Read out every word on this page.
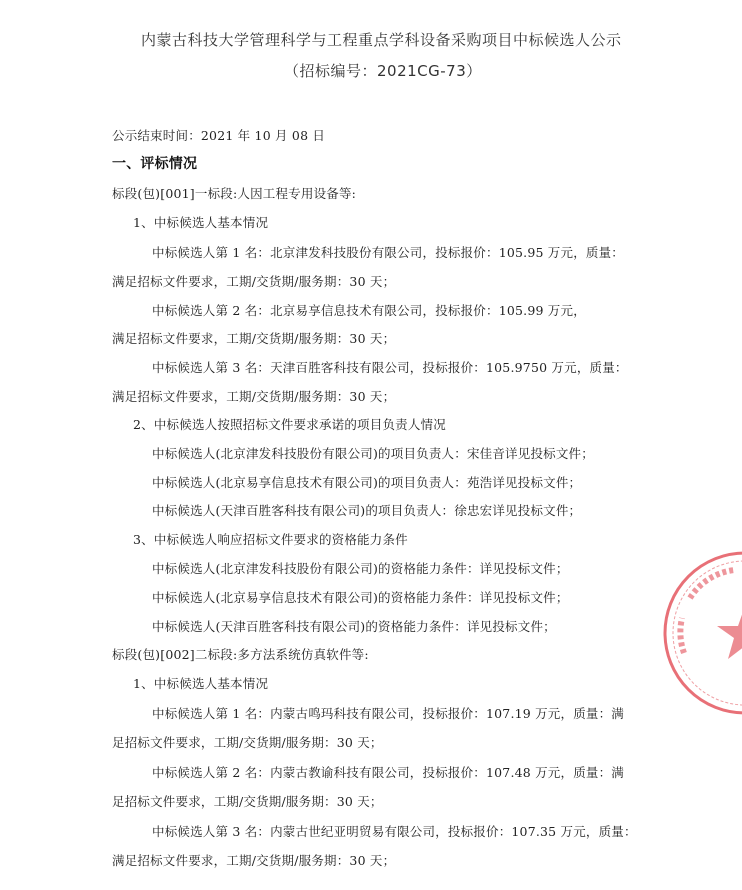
内蒙古科技大学管理科学与工程重点学科设备采购项目中标候选人公示
（招标编号：2021CG-73）
公示结束时间：2021 年 10 月 08 日
一、评标情况
标段(包)[001]一标段:人因工程专用设备等:
1、中标候选人基本情况
中标候选人第 1 名：北京津发科技股份有限公司，投标报价：105.95 万元，质量：
满足招标文件要求，工期/交货期/服务期：30 天；
中标候选人第 2 名：北京易享信息技术有限公司，投标报价：105.99 万元，
满足招标文件要求，工期/交货期/服务期：30 天；
中标候选人第 3 名：天津百胜客科技有限公司，投标报价：105.9750 万元，质量：
满足招标文件要求，工期/交货期/服务期：30 天；
2、中标候选人按照招标文件要求承诺的项目负责人情况
中标候选人(北京津发科技股份有限公司)的项目负责人：宋佳音详见投标文件；
中标候选人(北京易享信息技术有限公司)的项目负责人：苑浩详见投标文件；
中标候选人(天津百胜客科技有限公司)的项目负责人：徐忠宏详见投标文件；
3、中标候选人响应招标文件要求的资格能力条件
中标候选人(北京津发科技股份有限公司)的资格能力条件：详见投标文件；
中标候选人(北京易享信息技术有限公司)的资格能力条件：详见投标文件；
中标候选人(天津百胜客科技有限公司)的资格能力条件：详见投标文件；
标段(包)[002]二标段:多方法系统仿真软件等:
1、中标候选人基本情况
中标候选人第 1 名：内蒙古鸣玛科技有限公司，投标报价：107.19 万元，质量：满
足招标文件要求，工期/交货期/服务期：30 天；
中标候选人第 2 名：内蒙古教谕科技有限公司，投标报价：107.48 万元，质量：满
足招标文件要求，工期/交货期/服务期：30 天；
中标候选人第 3 名：内蒙古世纪亚明贸易有限公司，投标报价：107.35 万元，质量：
满足招标文件要求，工期/交货期/服务期：30 天；
